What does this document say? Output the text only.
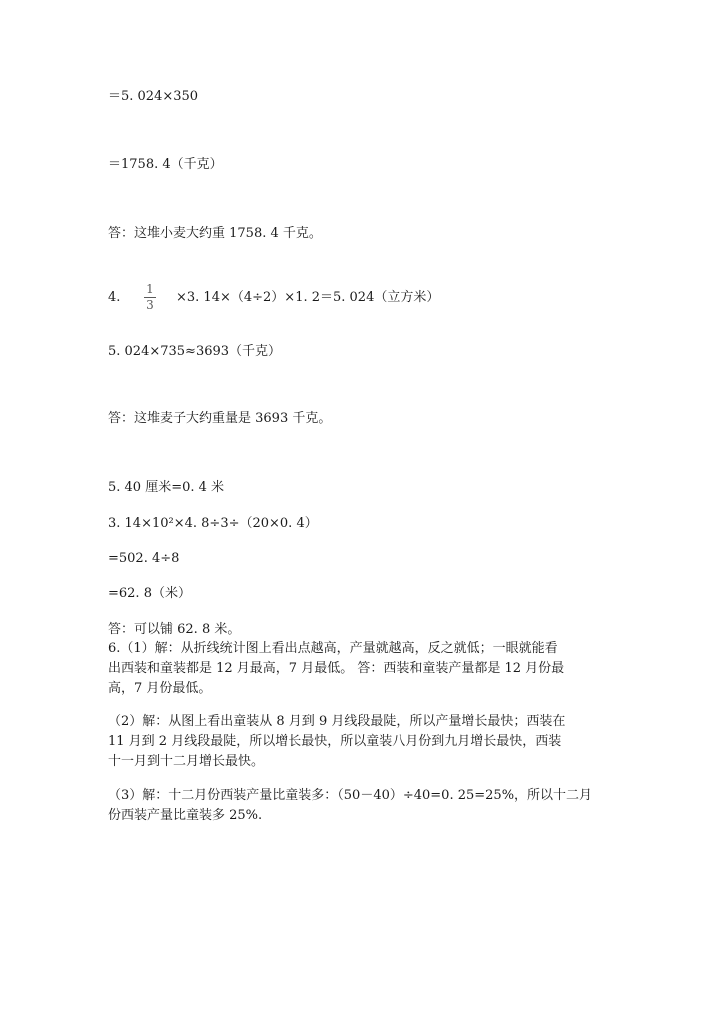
＝5. 024×350
＝1758. 4（千克）
答：这堆小麦大约重 1758. 4 千克。
4.
1
3 ×3. 14×（4÷2）×1. 2＝5. 024（立方米）
5. 024×735≈3693（千克）
答：这堆麦子大约重量是 3693 千克。
5. 40 厘米=0. 4 米
3. 14×10²×4. 8÷3÷（20×0. 4）
=502. 4÷8
=62. 8（米）
答：可以铺 62. 8 米。
6.（1）解：从折线统计图上看出点越高，产量就越高，反之就低；一眼就能看
出西装和童装都是 12 月最高，7 月最低。 答：西装和童装产量都是 12 月份最
高，7 月份最低。
（2）解：从图上看出童装从 8 月到 9 月线段最陡，所以产量增长最快；西装在
11 月到 2 月线段最陡，所以增长最快，所以童装八月份到九月增长最快，西装
十一月到十二月增长最快。
（3）解：十二月份西装产量比童装多：（50－40）÷40=0. 25=25%，所以十二月
份西装产量比童装多 25%.
